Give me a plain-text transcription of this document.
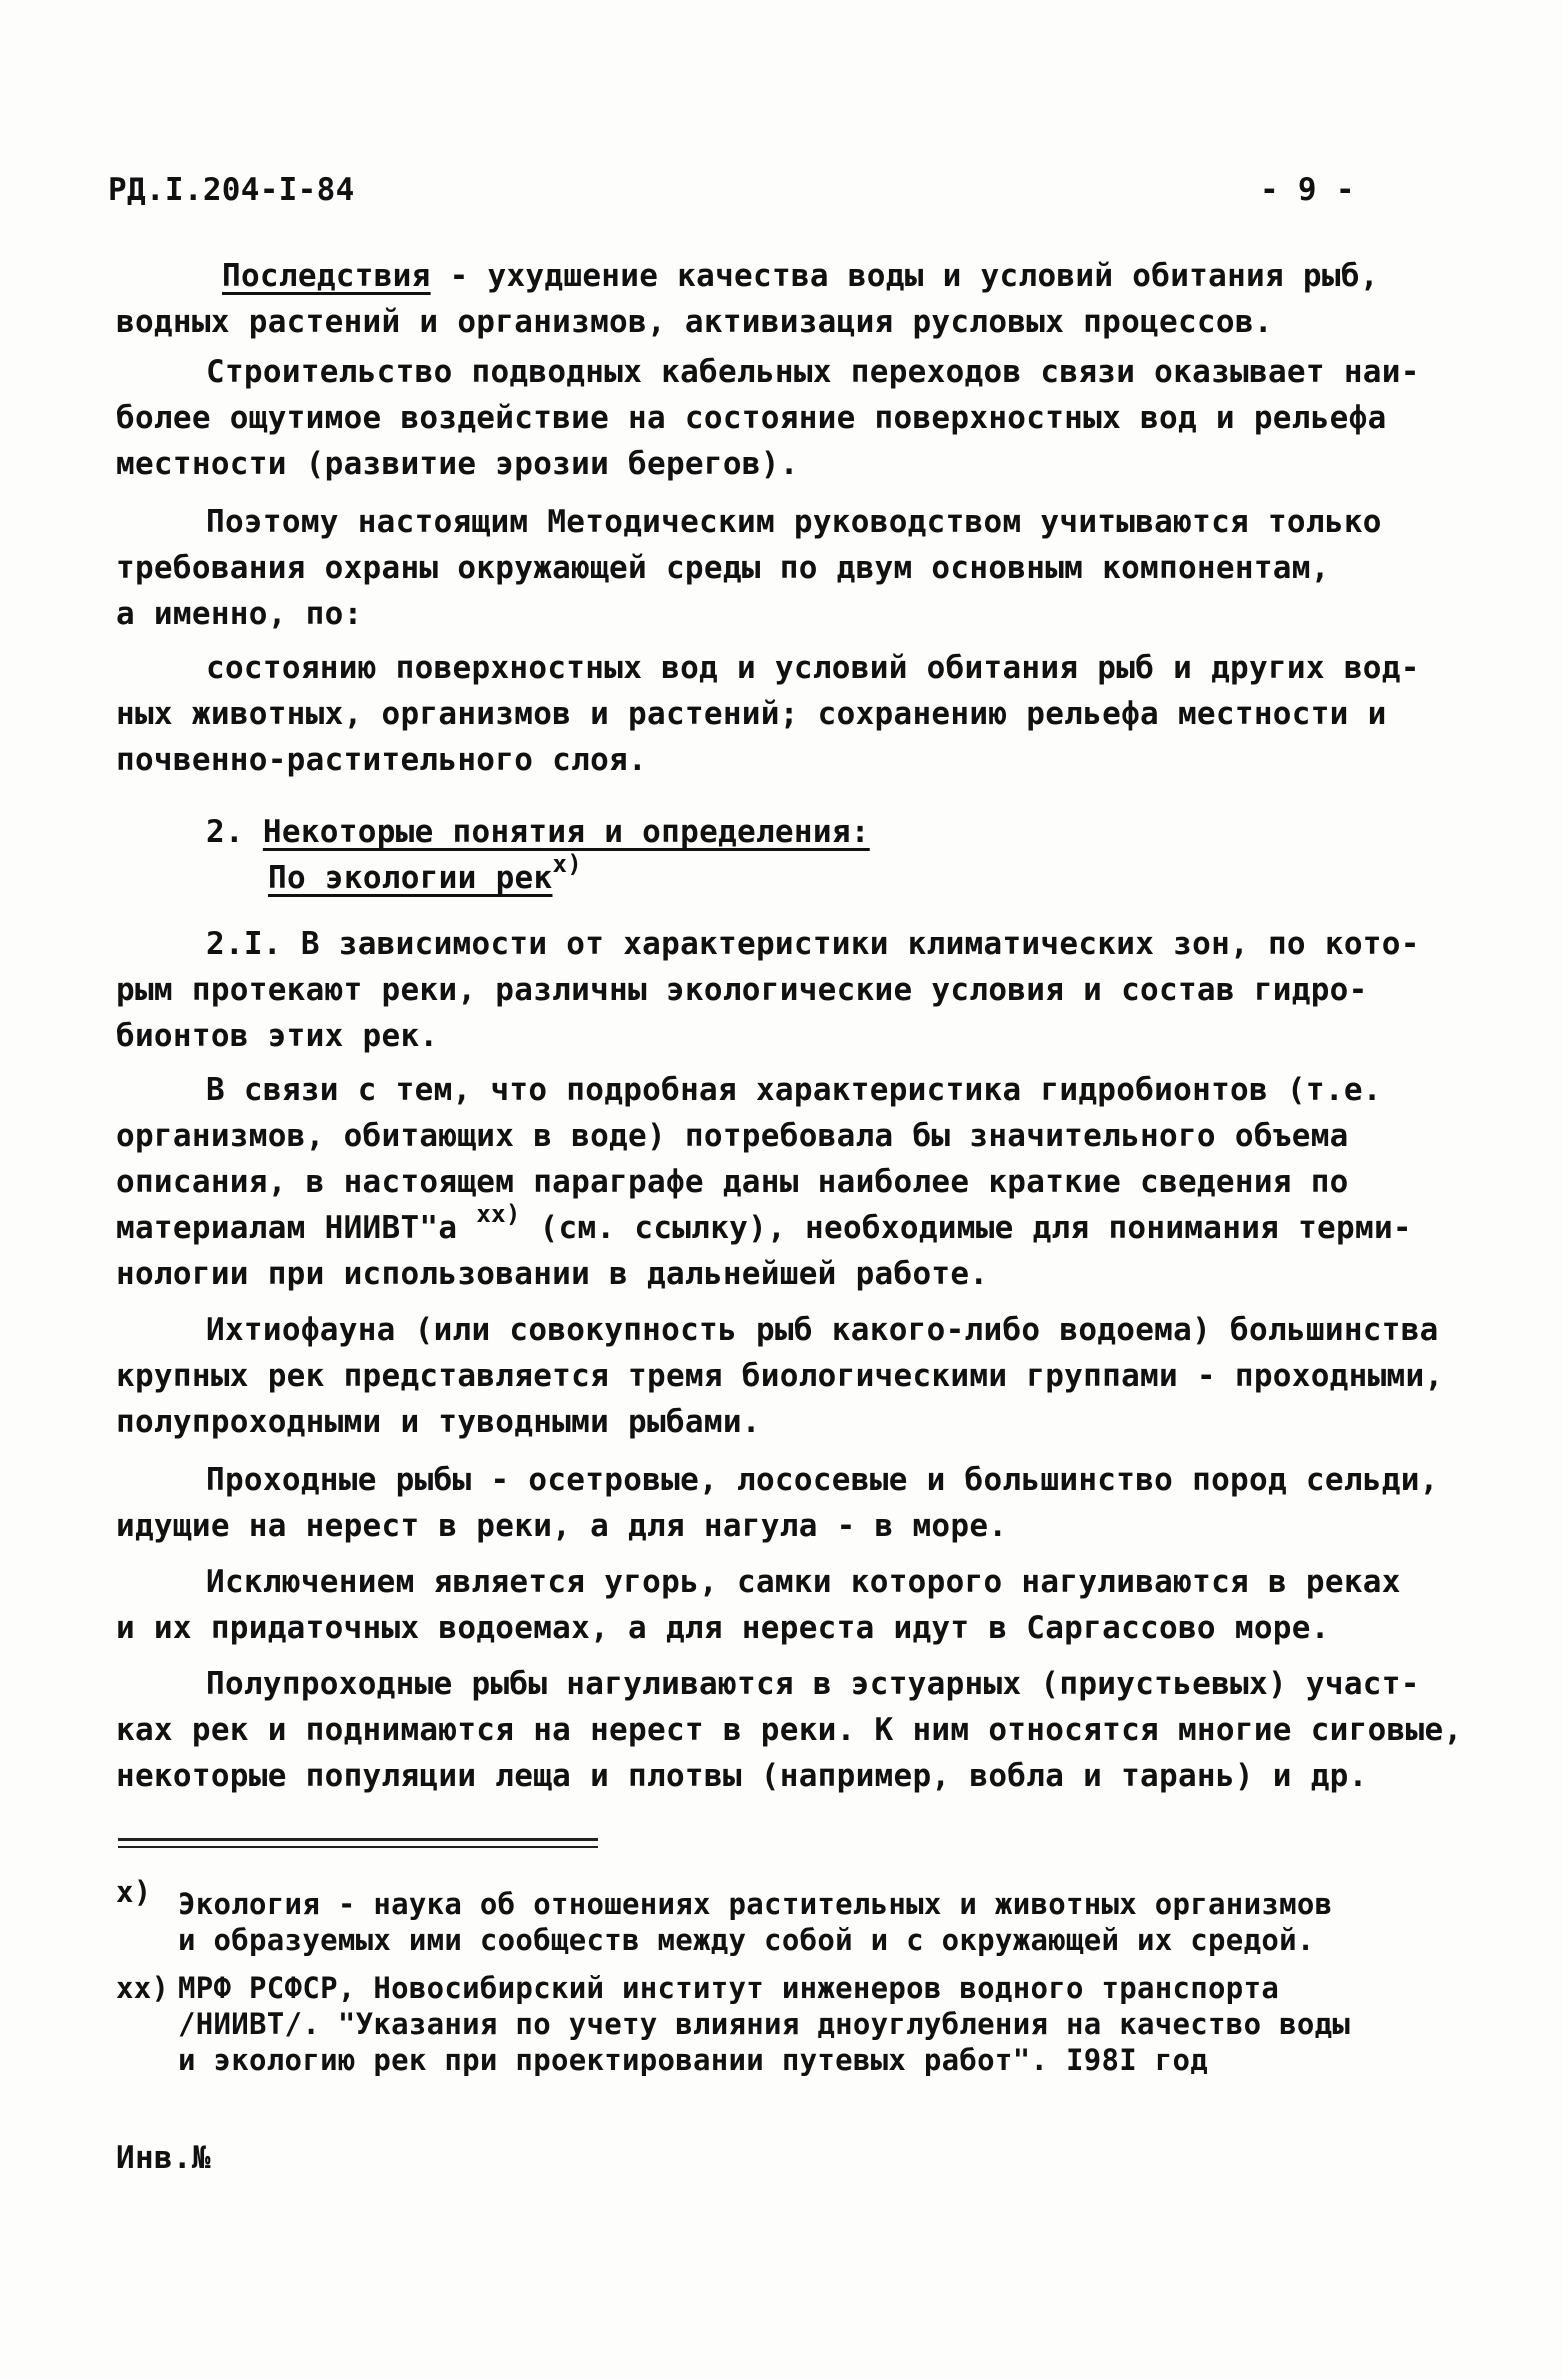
РД.I.204-I-84	- 9 -
Последствия - ухудшение качества воды и условий обитания рыб,
водных растений и организмов, активизация русловых процессов.
Строительство подводных кабельных переходов связи оказывает наи-
более ощутимое воздействие на состояние поверхностных вод и рельефа
местности (развитие эрозии берегов).
Поэтому настоящим Методическим руководством учитываются только
требования охраны окружающей среды по двум основным компонентам,
а именно, по:
состоянию поверхностных вод и условий обитания рыб и других вод-
ных животных, организмов и растений; сохранению рельефа местности и
почвенно-растительного слоя.
2. Некоторые понятия и определения:
По экологии рек$^{x)}$
2.I. В зависимости от характеристики климатических зон, по кото-
рым протекают реки, различны экологические условия и состав гидро-
бионтов этих рек.
В связи с тем, что подробная характеристика гидробионтов (т.е.
организмов, обитающих в воде) потребовала бы значительного объема
описания, в настоящем параграфе даны наиболее краткие сведения по
материалам НИИВТ"а $^{xx)}$ (см. ссылку), необходимые для понимания терми-
нологии при использовании в дальнейшей работе.
Ихтиофауна (или совокупность рыб какого-либо водоема) большинства
крупных рек представляется тремя биологическими группами - проходными,
полупроходными и туводными рыбами.
Проходные рыбы - осетровые, лососевые и большинство пород сельди,
идущие на нерест в реки, а для нагула - в море.
Исключением является угорь, самки которого нагуливаются в реках
и их придаточных водоемах, а для нереста идут в Саргассово море.
Полупроходные рыбы нагуливаются в эстуарных (приустьевых) участ-
ках рек и поднимаются на нерест в реки. К ним относятся многие сиговые,
некоторые популяции леща и плотвы (например, вобла и тарань) и др.
x) Экология - наука об отношениях растительных и животных организмов
и образуемых ими сообществ между собой и с окружающей их средой.
xx) МРФ РСФСР, Новосибирский институт инженеров водного транспорта
/НИИВТ/. "Указания по учету влияния дноуглубления на качество воды
и экологию рек при проектировании путевых работ". I98I год
Инв.№
